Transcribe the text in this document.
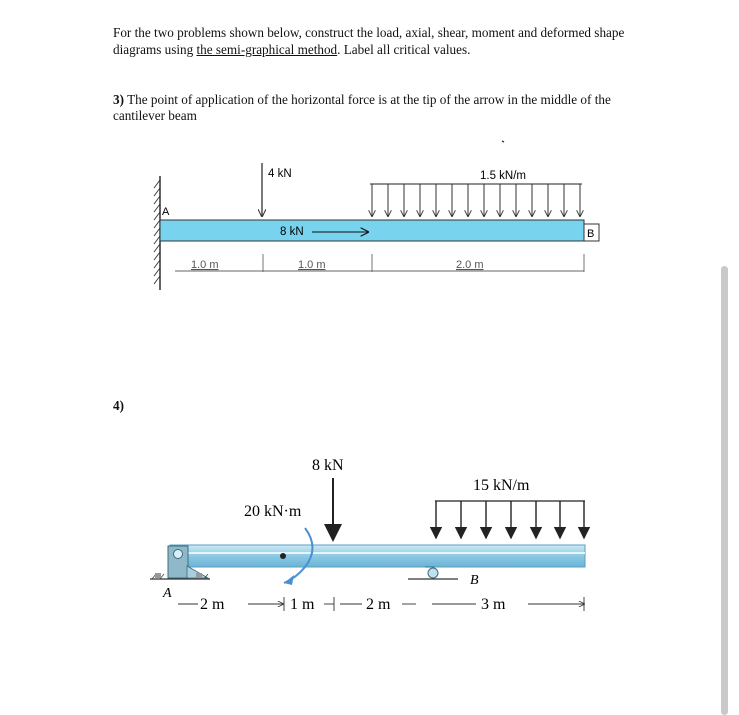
For the two problems shown below, construct the load, axial, shear, moment and deformed shape diagrams using the semi-graphical method. Label all critical values.
3) The point of application of the horizontal force is at the tip of the arrow in the middle of the cantilever beam
4)
A
B
4 kN
8 kN
1.5 kN/m
1.0 m	1.0 m	2.0 m
A
B
8 kN
20 kN·m
15 kN/m
2 m	1 m	2 m	3 m
